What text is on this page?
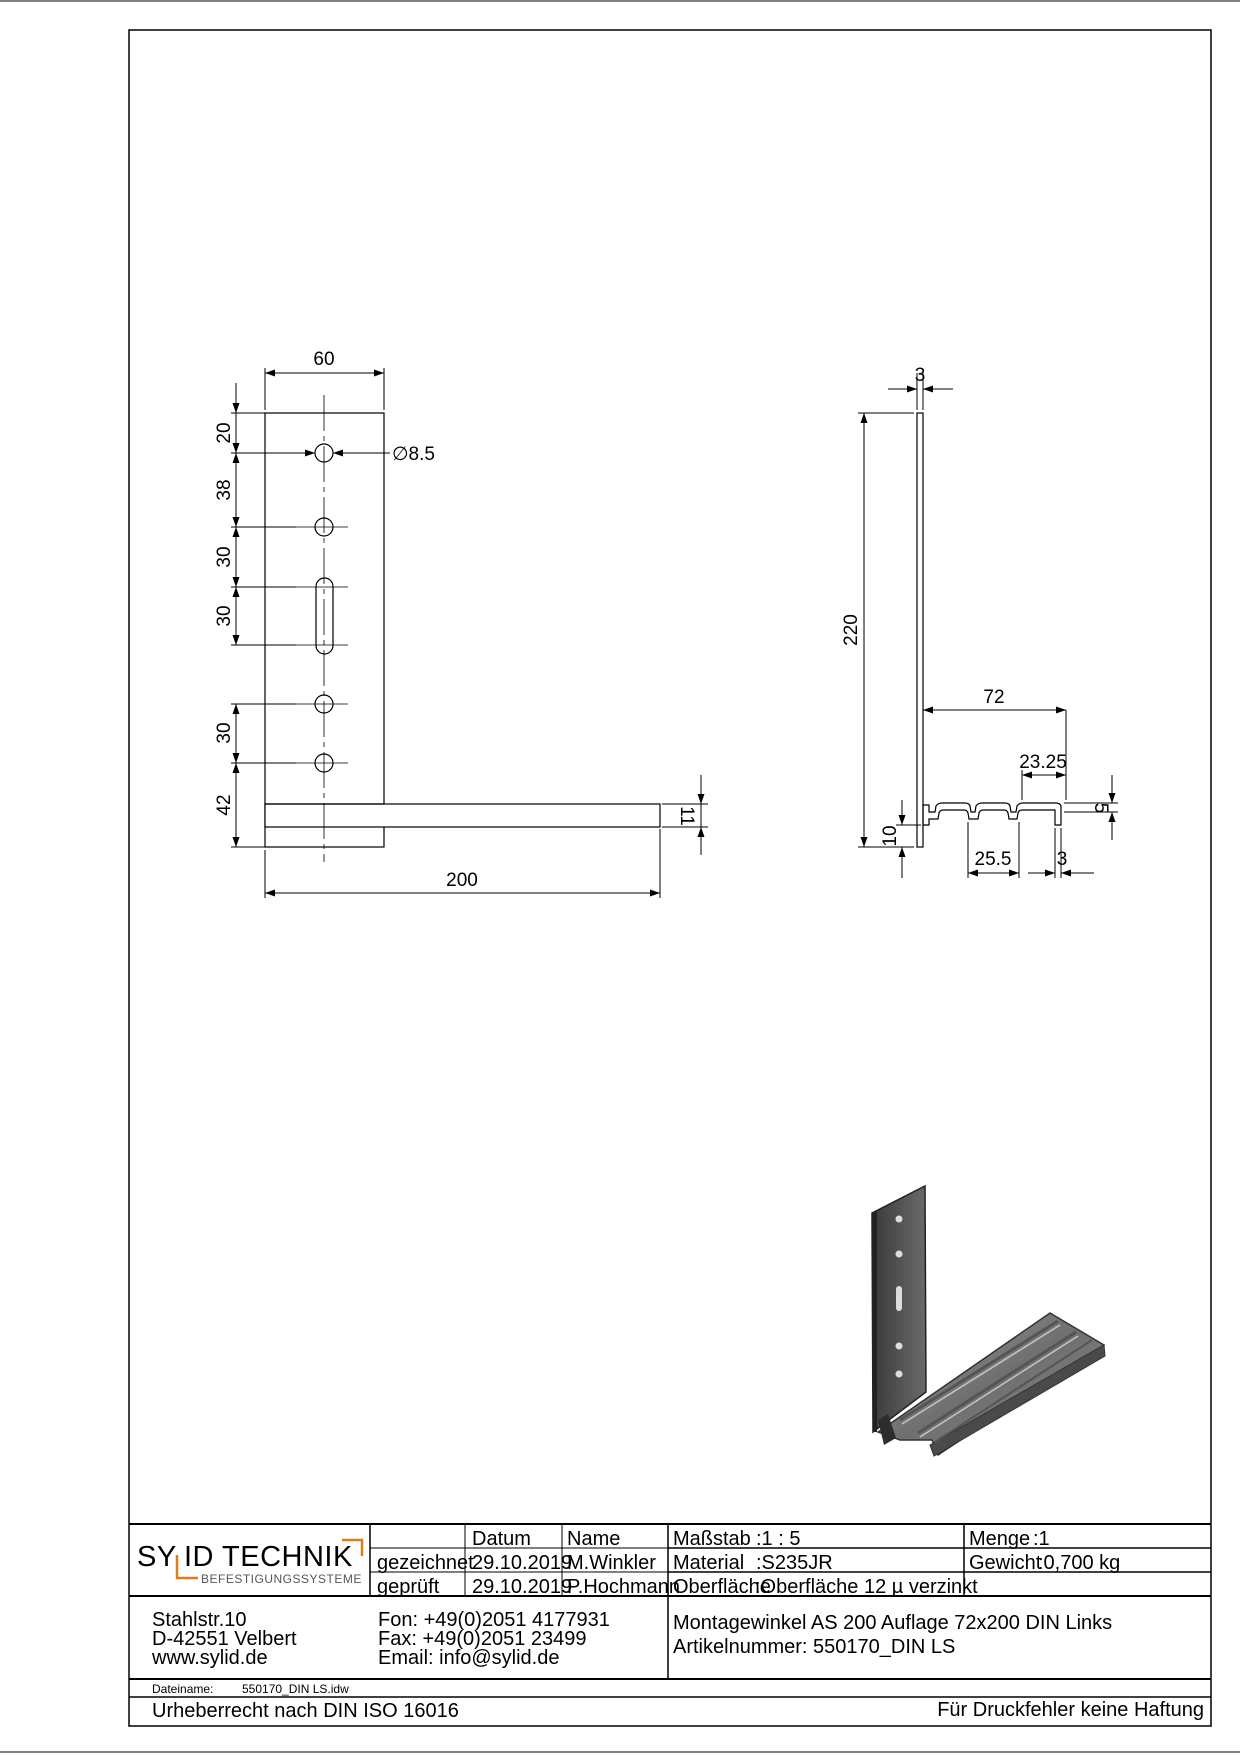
60
20
∅8.5
38
30
30
30
42
200
11
3
220
72
23.25
5
10
25.5 3
SY ID TECHNIK
BEFESTIGUNGSSYSTEME
Datum Name
gezeichnet
29.10.2019
M.Winkler
geprüft 29.10.2019
P.Hochmann
Maßstab :1 : 5
Material :S235JR
Oberfläche
:Oberfläche 12 µ verzinkt
Menge :1
Gewicht
:0,700 kg
Stahlstr.10
D-42551 Velbert
www.sylid.de
Fon: +49(0)2051 4177931
Fax: +49(0)2051 23499
Email: info@sylid.de
Montagewinkel AS 200 Auflage 72x200 DIN Links
Artikelnummer: 550170_DIN LS
Dateiname: 550170_DIN LS.idw
Urheberrecht nach DIN ISO 16016	Für Druckfehler keine Haftung
